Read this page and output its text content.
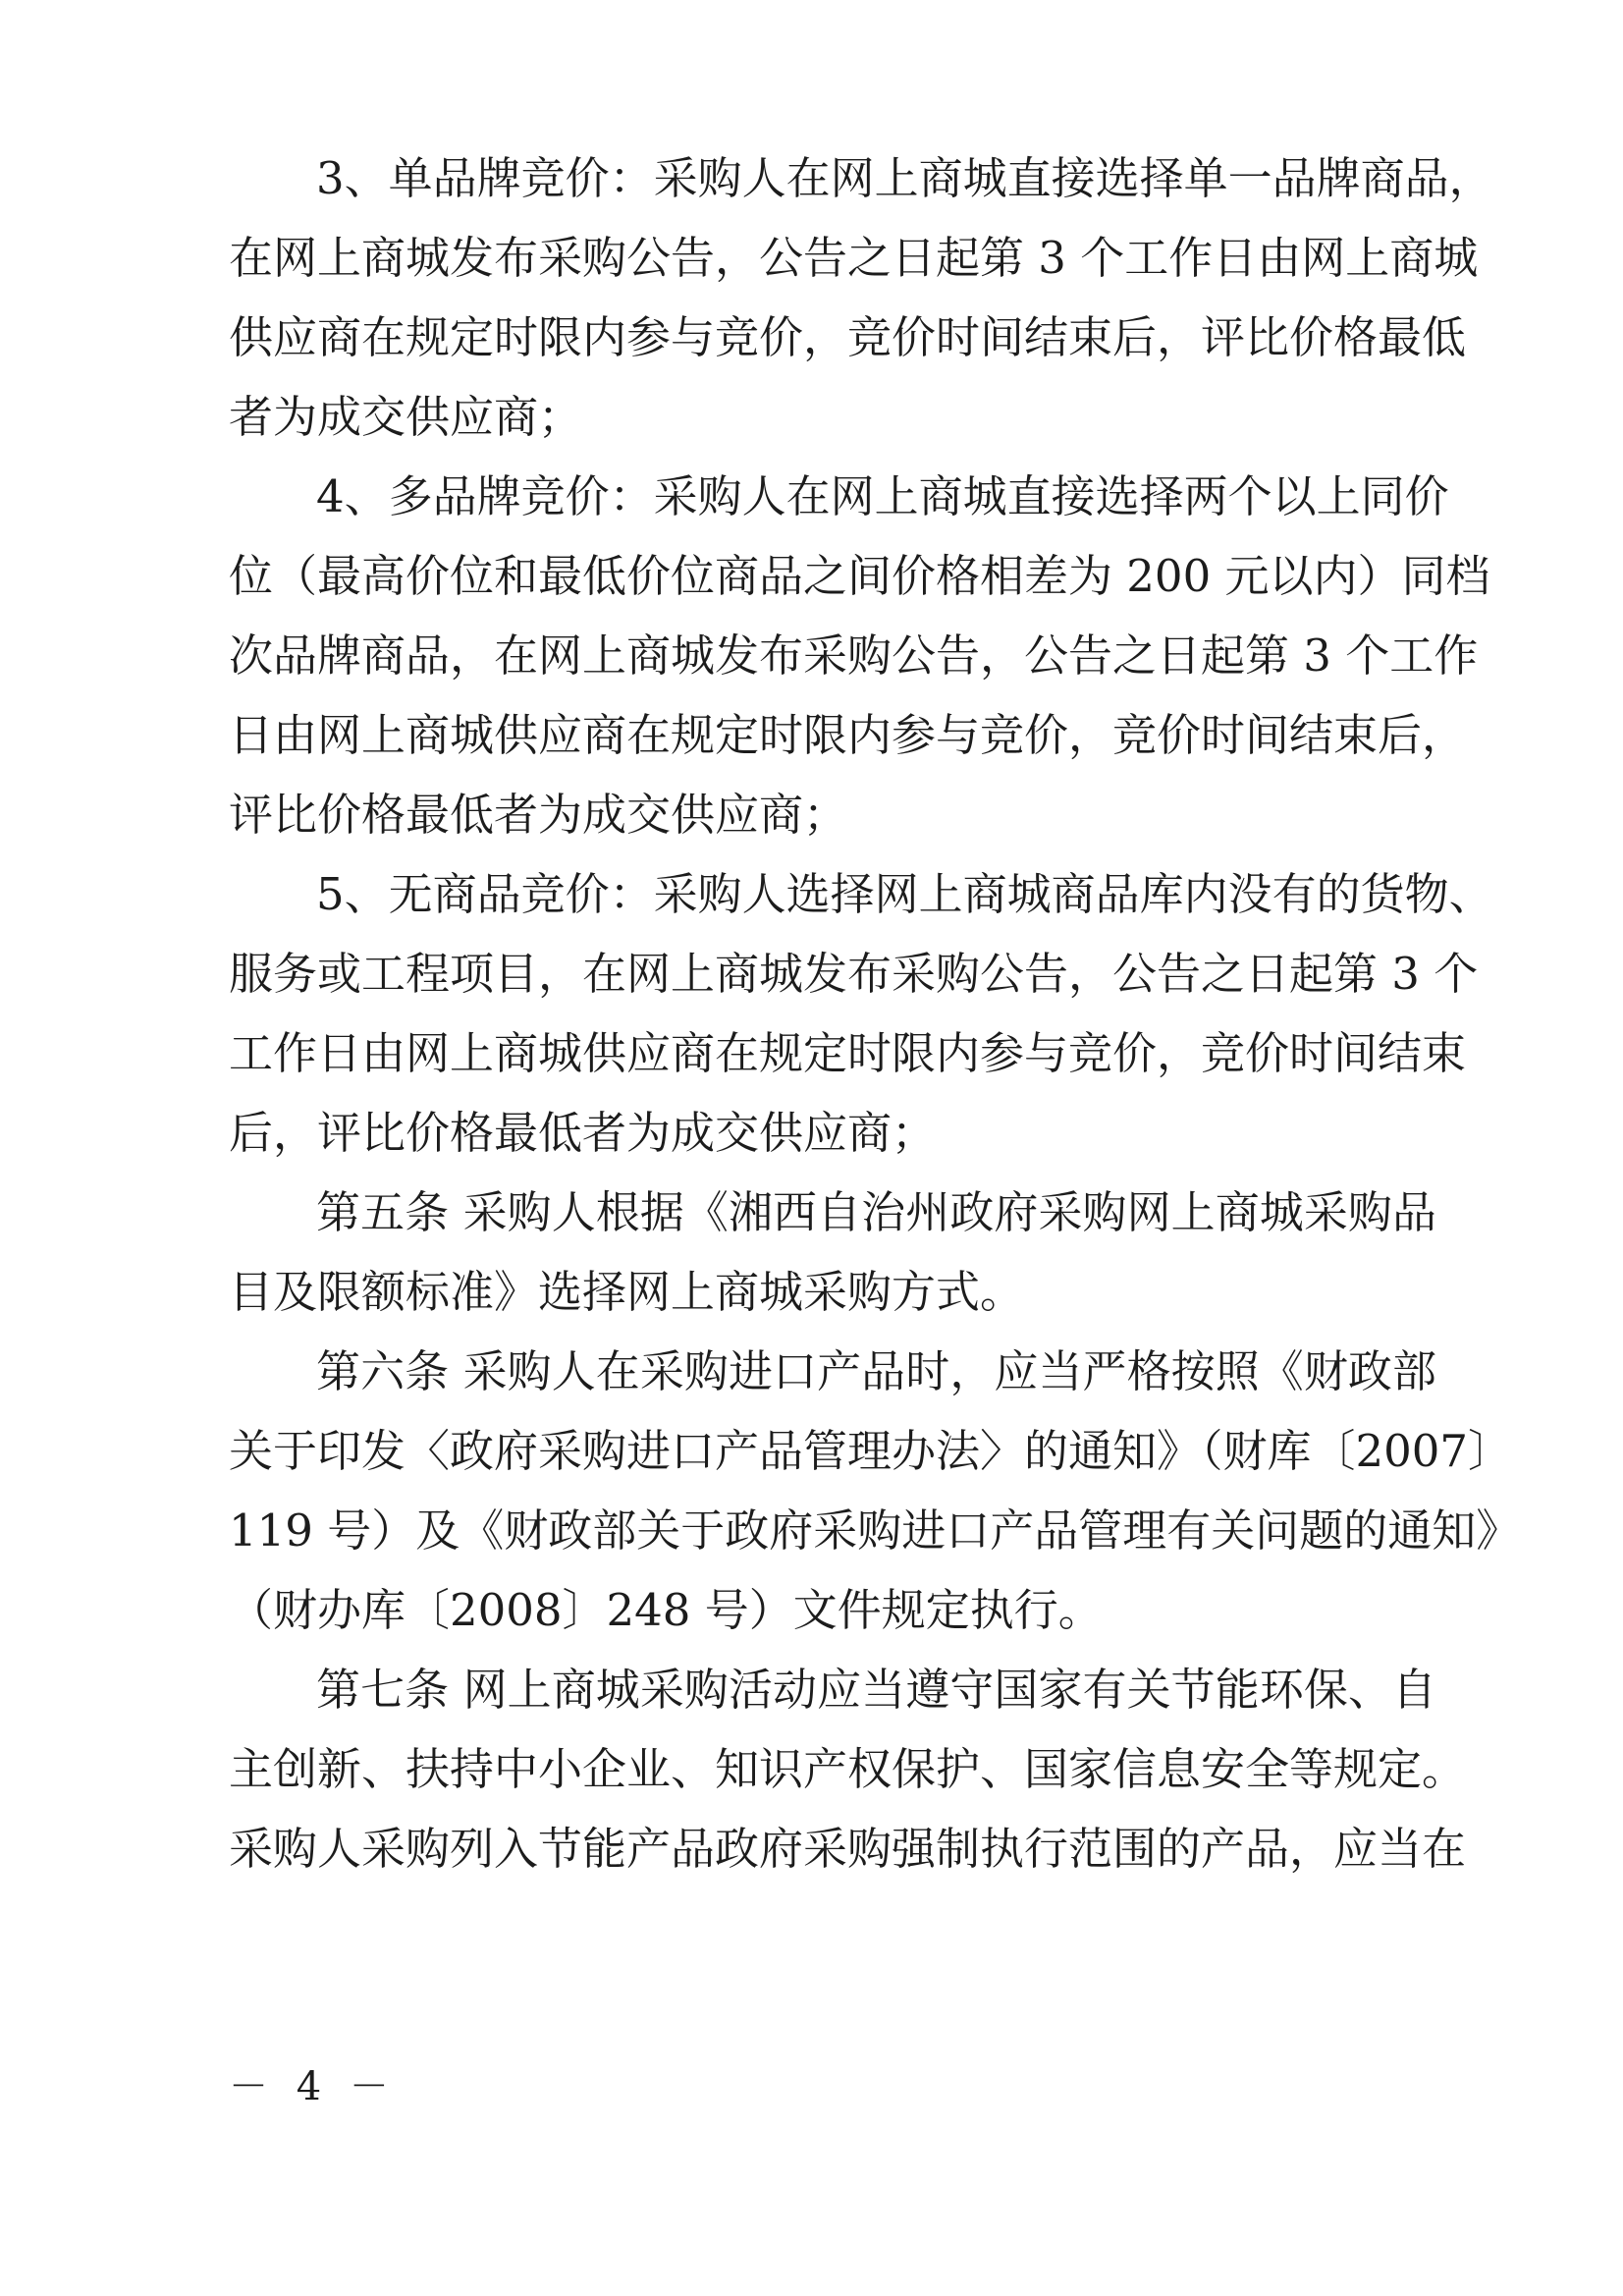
3、单品牌竞价：采购人在网上商城直接选择单一品牌商品，
在网上商城发布采购公告，公告之日起第 3 个工作日由网上商城
供应商在规定时限内参与竞价，竞价时间结束后，评比价格最低
者为成交供应商；
4、多品牌竞价：采购人在网上商城直接选择两个以上同价
位（最高价位和最低价位商品之间价格相差为 200 元以内）同档
次品牌商品，在网上商城发布采购公告，公告之日起第 3 个工作
日由网上商城供应商在规定时限内参与竞价，竞价时间结束后，
评比价格最低者为成交供应商；
5、无商品竞价：采购人选择网上商城商品库内没有的货物、
服务或工程项目，在网上商城发布采购公告，公告之日起第 3 个
工作日由网上商城供应商在规定时限内参与竞价，竞价时间结束
后，评比价格最低者为成交供应商；
第五条 采购人根据《湘西自治州政府采购网上商城采购品
目及限额标准》选择网上商城采购方式。
第六条 采购人在采购进口产品时，应当严格按照《财政部
关于印发〈政府采购进口产品管理办法〉的通知》（财库〔2007〕
119 号）及《财政部关于政府采购进口产品管理有关问题的通知》
（财办库〔2008〕248 号）文件规定执行。
第七条 网上商城采购活动应当遵守国家有关节能环保、自
主创新、扶持中小企业、知识产权保护、国家信息安全等规定。
采购人采购列入节能产品政府采购强制执行范围的产品，应当在
－ 4 －
